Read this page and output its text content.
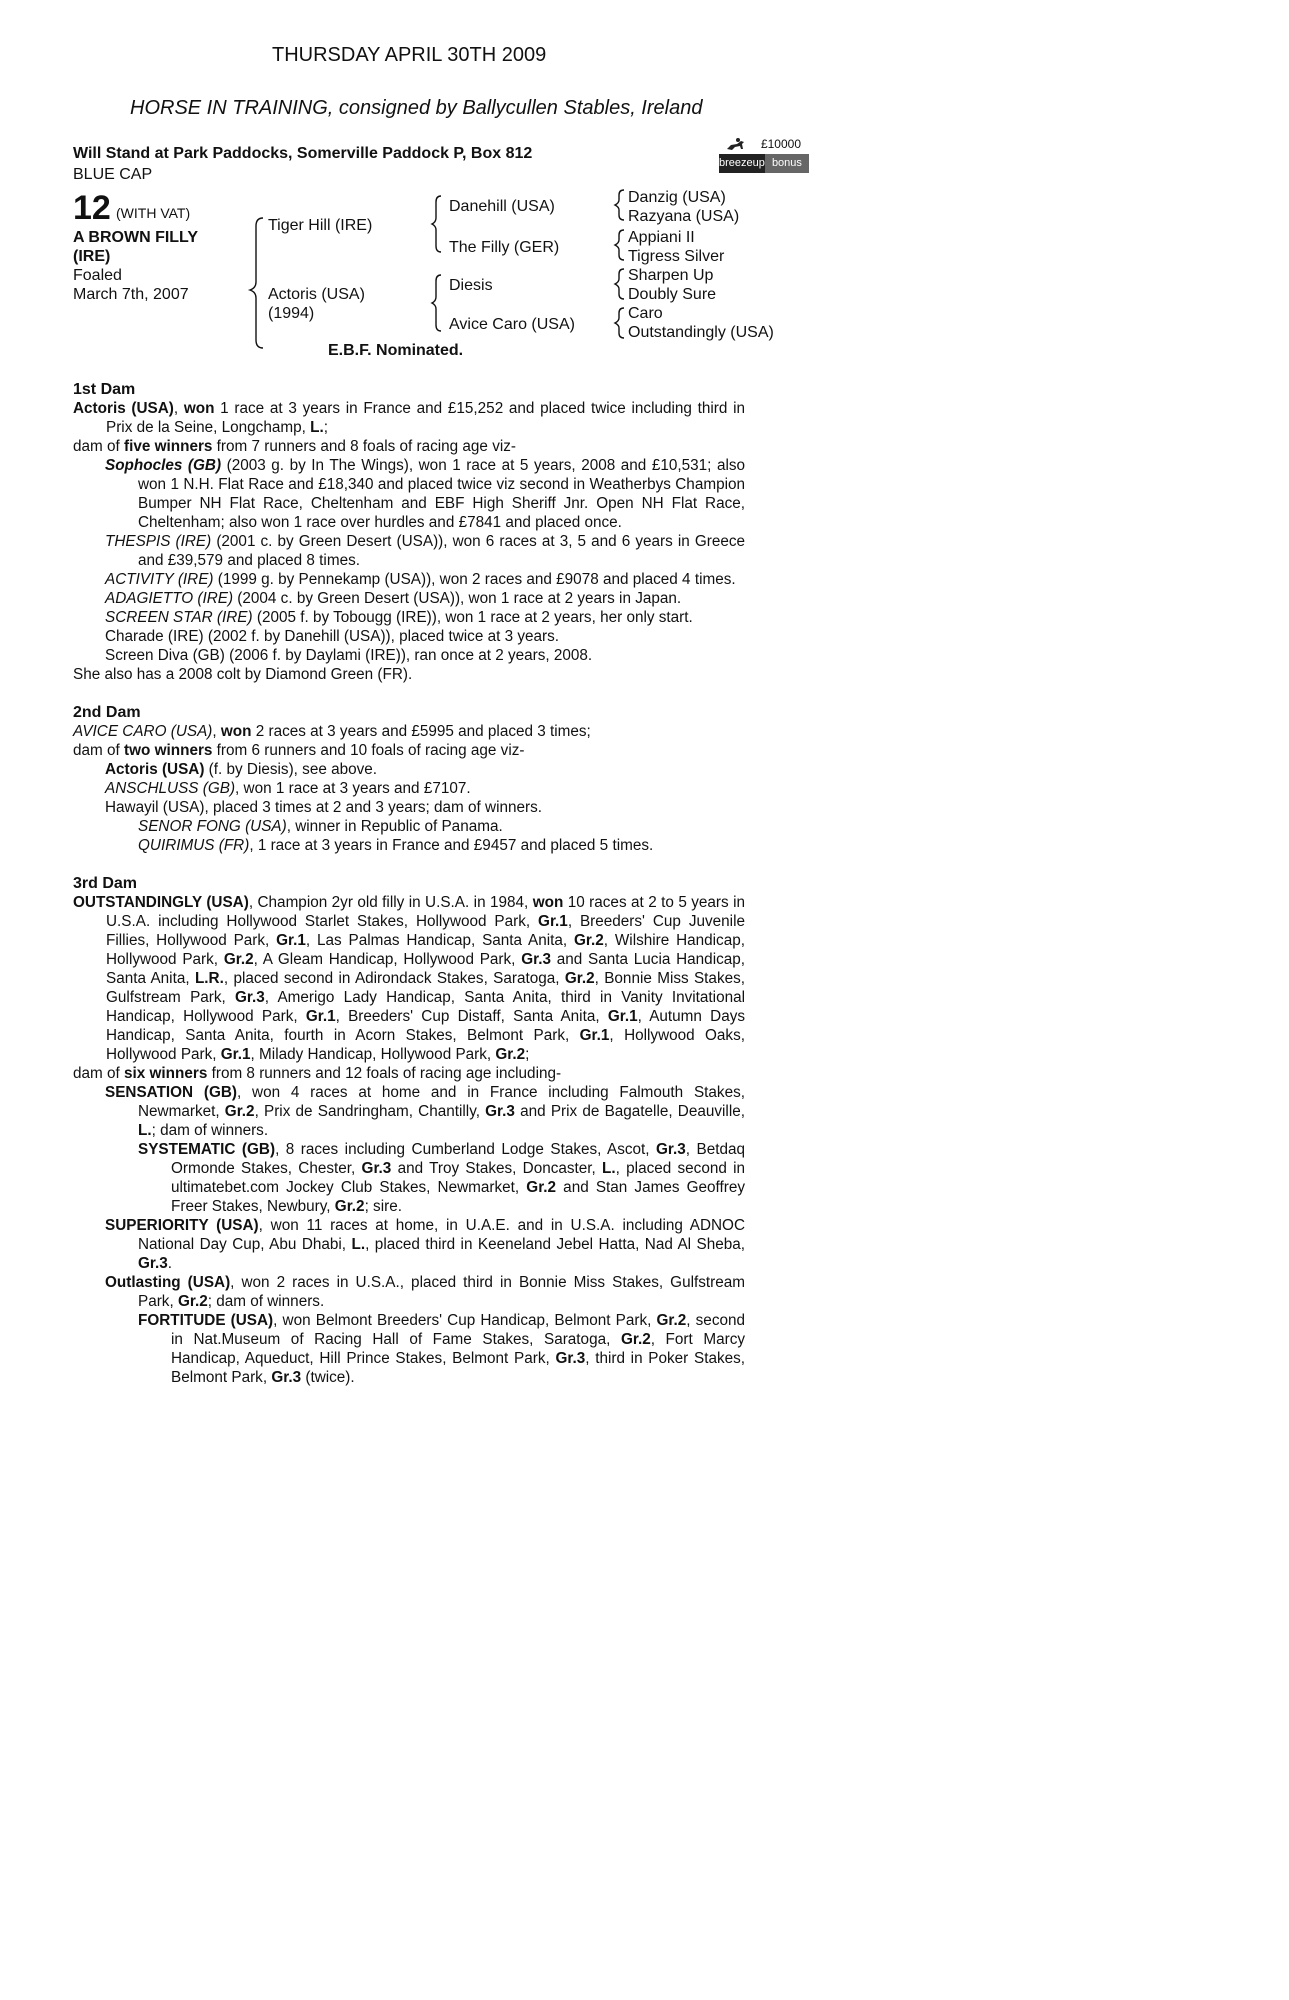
THURSDAY APRIL 30TH 2009
HORSE IN TRAINING, consigned by Ballycullen Stables, Ireland
Will Stand at Park Paddocks, Somerville Paddock P, Box 812
BLUE CAP
£10000
breezeup bonus
12 (WITH VAT)
A BROWN FILLY
(IRE)
Foaled
March 7th, 2007
Tiger Hill (IRE)
Actoris (USA)
(1994)
Danehill (USA)
The Filly (GER)
Diesis
Avice Caro (USA)
Danzig (USA)
Razyana (USA)
Appiani II
Tigress Silver
Sharpen Up
Doubly Sure
Caro
Outstandingly (USA)
E.B.F. Nominated.
1st Dam
Actoris (USA), won 1 race at 3 years in France and £15,252 and placed twice including third in Prix de la Seine, Longchamp, L.;
dam of five winners from 7 runners and 8 foals of racing age viz-
Sophocles (GB) (2003 g. by In The Wings), won 1 race at 5 years, 2008 and £10,531; also won 1 N.H. Flat Race and £18,340 and placed twice viz second in Weatherbys Champion Bumper NH Flat Race, Cheltenham and EBF High Sheriff Jnr. Open NH Flat Race, Cheltenham; also won 1 race over hurdles and £7841 and placed once.
THESPIS (IRE) (2001 c. by Green Desert (USA)), won 6 races at 3, 5 and 6 years in Greece and £39,579 and placed 8 times.
ACTIVITY (IRE) (1999 g. by Pennekamp (USA)), won 2 races and £9078 and placed 4 times.
ADAGIETTO (IRE) (2004 c. by Green Desert (USA)), won 1 race at 2 years in Japan.
SCREEN STAR (IRE) (2005 f. by Tobougg (IRE)), won 1 race at 2 years, her only start.
Charade (IRE) (2002 f. by Danehill (USA)), placed twice at 3 years.
Screen Diva (GB) (2006 f. by Daylami (IRE)), ran once at 2 years, 2008.
She also has a 2008 colt by Diamond Green (FR).
2nd Dam
AVICE CARO (USA), won 2 races at 3 years and £5995 and placed 3 times;
dam of two winners from 6 runners and 10 foals of racing age viz-
Actoris (USA) (f. by Diesis), see above.
ANSCHLUSS (GB), won 1 race at 3 years and £7107.
Hawayil (USA), placed 3 times at 2 and 3 years; dam of winners.
SENOR FONG (USA), winner in Republic of Panama.
QUIRIMUS (FR), 1 race at 3 years in France and £9457 and placed 5 times.
3rd Dam
OUTSTANDINGLY (USA), Champion 2yr old filly in U.S.A. in 1984, won 10 races at 2 to 5 years in U.S.A. including Hollywood Starlet Stakes, Hollywood Park, Gr.1, Breeders' Cup Juvenile Fillies, Hollywood Park, Gr.1, Las Palmas Handicap, Santa Anita, Gr.2, Wilshire Handicap, Hollywood Park, Gr.2, A Gleam Handicap, Hollywood Park, Gr.3 and Santa Lucia Handicap, Santa Anita, L.R., placed second in Adirondack Stakes, Saratoga, Gr.2, Bonnie Miss Stakes, Gulfstream Park, Gr.3, Amerigo Lady Handicap, Santa Anita, third in Vanity Invitational Handicap, Hollywood Park, Gr.1, Breeders' Cup Distaff, Santa Anita, Gr.1, Autumn Days Handicap, Santa Anita, fourth in Acorn Stakes, Belmont Park, Gr.1, Hollywood Oaks, Hollywood Park, Gr.1, Milady Handicap, Hollywood Park, Gr.2;
dam of six winners from 8 runners and 12 foals of racing age including-
SENSATION (GB), won 4 races at home and in France including Falmouth Stakes, Newmarket, Gr.2, Prix de Sandringham, Chantilly, Gr.3 and Prix de Bagatelle, Deauville, L.; dam of winners.
SYSTEMATIC (GB), 8 races including Cumberland Lodge Stakes, Ascot, Gr.3, Betdaq Ormonde Stakes, Chester, Gr.3 and Troy Stakes, Doncaster, L., placed second in ultimatebet.com Jockey Club Stakes, Newmarket, Gr.2 and Stan James Geoffrey Freer Stakes, Newbury, Gr.2; sire.
SUPERIORITY (USA), won 11 races at home, in U.A.E. and in U.S.A. including ADNOC National Day Cup, Abu Dhabi, L., placed third in Keeneland Jebel Hatta, Nad Al Sheba, Gr.3.
Outlasting (USA), won 2 races in U.S.A., placed third in Bonnie Miss Stakes, Gulfstream Park, Gr.2; dam of winners.
FORTITUDE (USA), won Belmont Breeders' Cup Handicap, Belmont Park, Gr.2, second in Nat.Museum of Racing Hall of Fame Stakes, Saratoga, Gr.2, Fort Marcy Handicap, Aqueduct, Hill Prince Stakes, Belmont Park, Gr.3, third in Poker Stakes, Belmont Park, Gr.3 (twice).
